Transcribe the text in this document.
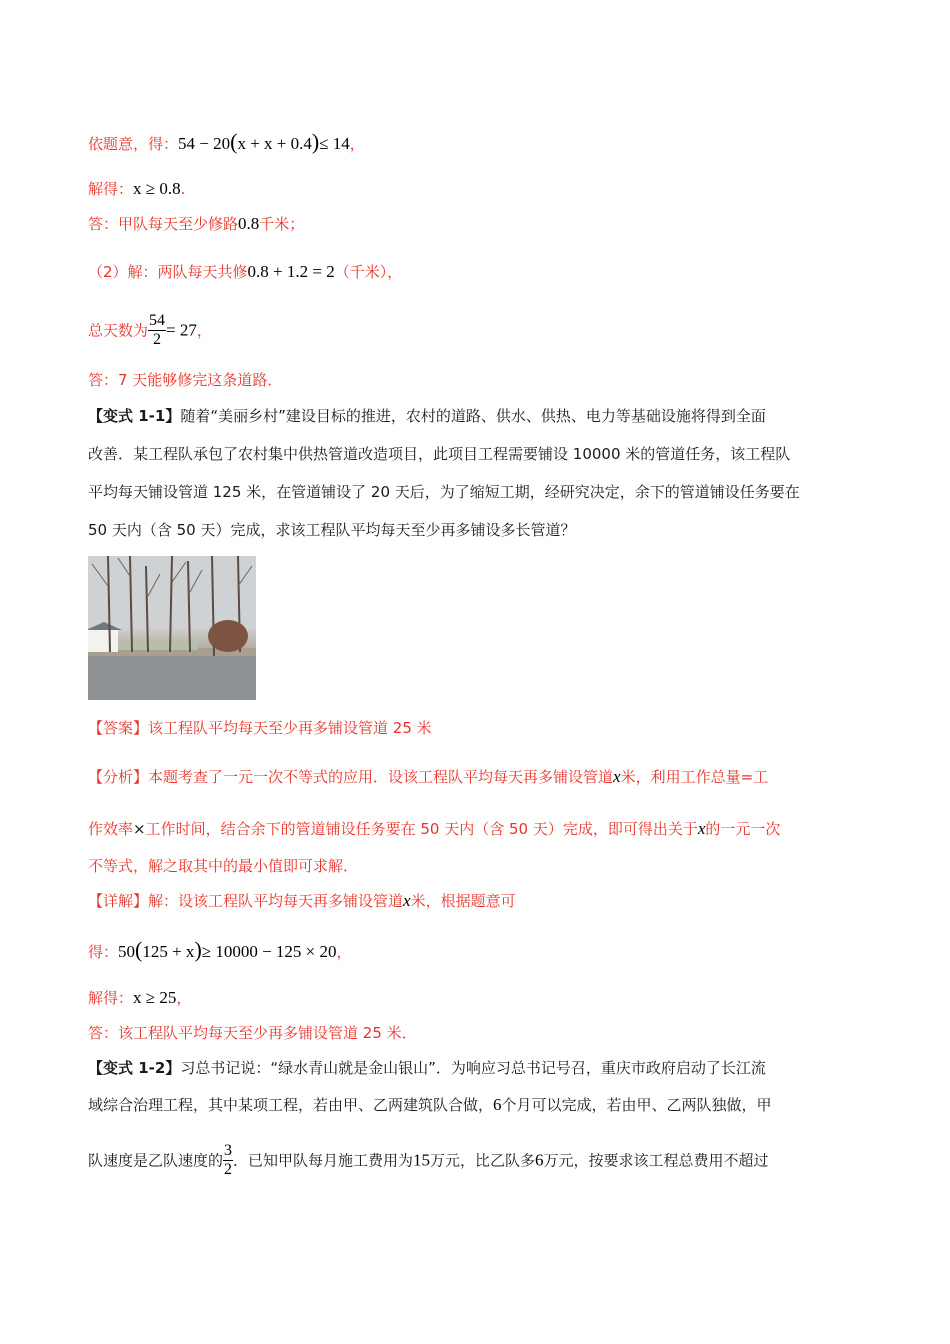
依题意，得：54 − 20(x + x + 0.4)≤ 14，
解得：x ≥ 0.8.
答：甲队每天至少修路0.8千米；
（2）解：两队每天共修0.8 + 1.2 = 2（千米），
总天数为 $\frac{54}{2} = 27$，
答：7 天能够修完这条道路．
【变式 1-1】随着“美丽乡村”建设目标的推进，农村的道路、供水、供热、电力等基础设施将得到全面
改善．某工程队承包了农村集中供热管道改造项目，此项目工程需要铺设 10000 米的管道任务，该工程队
平均每天铺设管道 125 米，在管道铺设了 20 天后，为了缩短工期，经研究决定，余下的管道铺设任务要在
50 天内（含 50 天）完成，求该工程队平均每天至少再多铺设多长管道？
【答案】该工程队平均每天至少再多铺设管道 25 米
【分析】本题考查了一元一次不等式的应用．设该工程队平均每天再多铺设管道x米，利用工作总量=工
作效率×工作时间，结合余下的管道铺设任务要在 50 天内（含 50 天）完成，即可得出关于x的一元一次
不等式，解之取其中的最小值即可求解．
【详解】解：设该工程队平均每天再多铺设管道x米，根据题意可
得：50(125 + x)≥ 10000 − 125 × 20，
解得：x ≥ 25，
答：该工程队平均每天至少再多铺设管道 25 米．
【变式 1-2】习总书记说：“绿水青山就是金山银山”．为响应习总书记号召，重庆市政府启动了长江流
域综合治理工程，其中某项工程，若由甲、乙两建筑队合做，6个月可以完成，若由甲、乙两队独做，甲
队速度是乙队速度的 $\frac{3}{2}$ ．已知甲队每月施工费用为15万元，比乙队多6万元，按要求该工程总费用不超过
